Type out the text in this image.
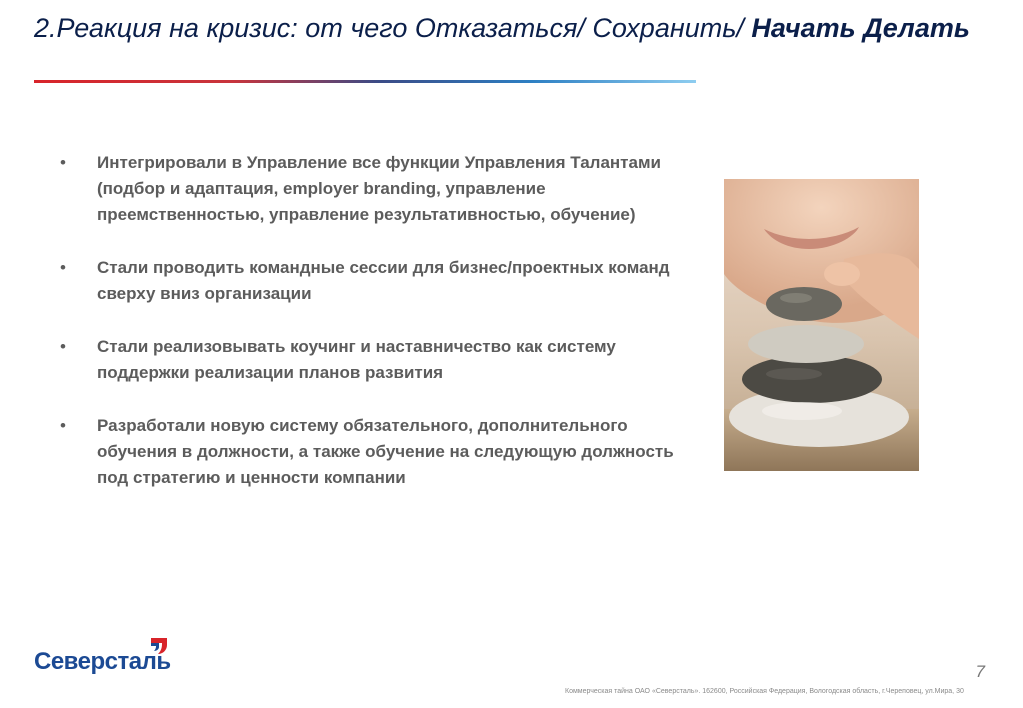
2.Реакция на кризис: от чего Отказаться/ Сохранить/ Начать Делать
• Интегрировали в Управление все функции Управления Талантами (подбор и адаптация, employer branding, управление преемственностью, управление результативностью, обучение)
• Стали проводить командные сессии для бизнес/проектных команд сверху вниз организации
• Стали реализовывать коучинг и наставничество как систему поддержки реализации планов развития
• Разработали новую систему обязательного, дополнительного обучения в должности, а также обучение на следующую должность под стратегию и ценности компании
Северсталь	7
Коммерческая тайна ОАО «Северсталь». 162600, Российская Федерация, Вологодская область, г.Череповец, ул.Мира, 30
